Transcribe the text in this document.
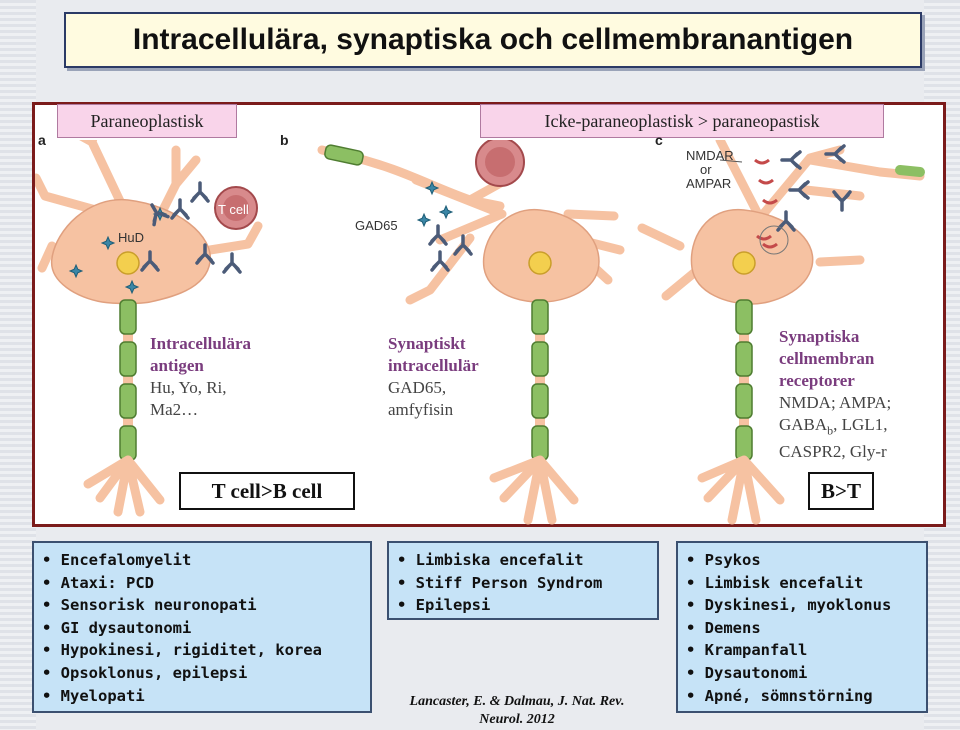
Intracellulära, synaptiska och cellmembranantigen
Paraneoplastisk	Icke-paraneoplastisk > paraneopastisk
a	b	c
HuD
T cell
GAD65
NMDAR
or
AMPAR
Intracellulära
antigen
Hu, Yo, Ri,
Ma2…
Synaptiskt
intracellulär
GAD65,
amfyfisin
Synaptiska
cellmembran
receptorer
NMDA; AMPA;
$GABA_b$, LGL1,
CASPR2, Gly-r
T cell>B cell	B>T
• Encefalomyelit
• Ataxi: PCD
• Sensorisk neuronopati
• GI dysautonomi
• Hypokinesi, rigiditet, korea
• Opsoklonus, epilepsi
• Myelopati
• Limbiska encefalit
• Stiff Person Syndrom
• Epilepsi
• Psykos
• Limbisk encefalit
• Dyskinesi, myoklonus
• Demens
• Krampanfall
• Dysautonomi
• Apné, sömnstörning
Lancaster, E. & Dalmau, J. Nat. Rev.
Neurol. 2012
